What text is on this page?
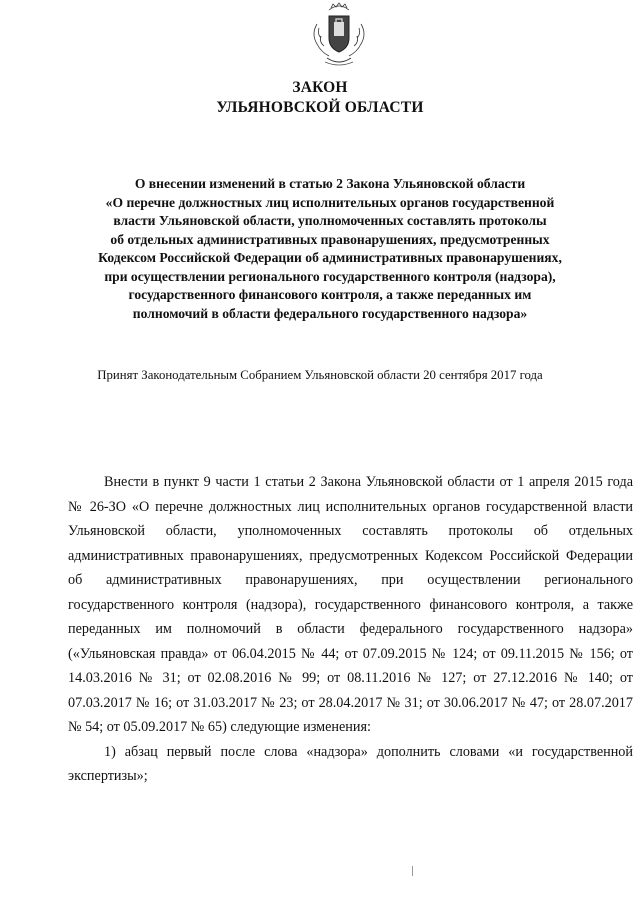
ЗАКОН
УЛЬЯНОВСКОЙ ОБЛАСТИ
О внесении изменений в статью 2 Закона Ульяновской области
«О перечне должностных лиц исполнительных органов государственной
власти Ульяновской области, уполномоченных составлять протоколы
об отдельных административных правонарушениях, предусмотренных
Кодексом Российской Федерации об административных правонарушениях,
при осуществлении регионального государственного контроля (надзора),
государственного финансового контроля, а также переданных им
полномочий в области федерального государственного надзора»
Принят Законодательным Собранием Ульяновской области 20 сентября 2017 года

Внести в пункт 9 части 1 статьи 2 Закона Ульяновской области от 1 апреля 2015 года № 26-ЗО «О перечне должностных лиц исполнительных органов государственной власти Ульяновской области, уполномоченных составлять протоколы об отдельных административных правонарушениях, предусмотренных Кодексом Российской Федерации об административных правонарушениях, при осуществлении регионального государственного контроля (надзора), государственного финансового контроля, а также переданных им полномочий в области федерального государственного надзора» («Ульяновская правда» от 06.04.2015 № 44; от 07.09.2015 № 124; от 09.11.2015 № 156; от 14.03.2016 № 31; от 02.08.2016 № 99; от 08.11.2016 № 127; от 27.12.2016 № 140; от 07.03.2017 № 16; от 31.03.2017 № 23; от 28.04.2017 № 31; от 30.06.2017 № 47; от 28.07.2017 № 54; от 05.09.2017 № 65) следующие изменения:

1) абзац первый после слова «надзора» дополнить словами «и государственной экспертизы»;
